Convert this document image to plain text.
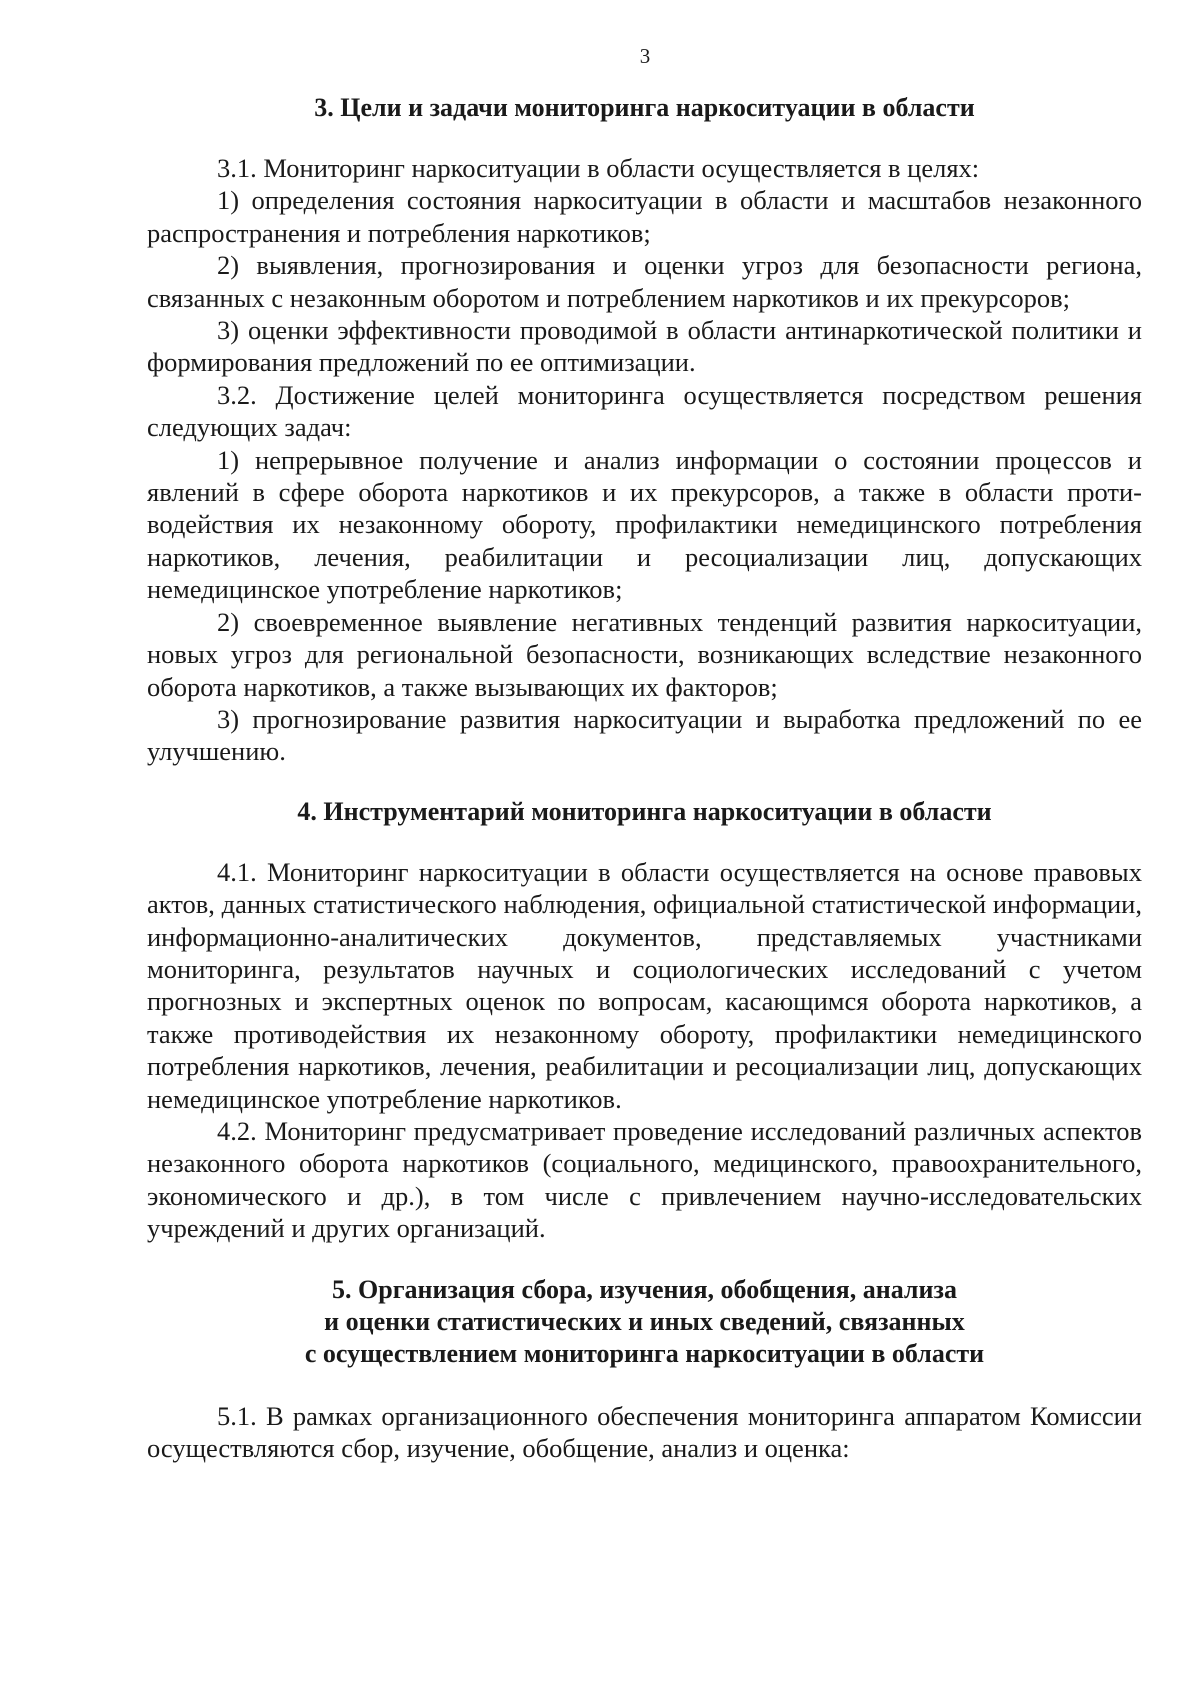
3
3. Цели и задачи мониторинга наркоситуации в области

3.1. Мониторинг наркоситуации в области осуществляется в целях:

1) определения состояния наркоситуации в области и масштабов незаконного распространения и потребления наркотиков;

2) выявления, прогнозирования и оценки угроз для безопасности региона, связанных с незаконным оборотом и потреблением наркотиков и их прекурсоров;

3) оценки эффективности проводимой в области антинаркотической политики и формирования предложений по ее оптимизации.

3.2. Достижение целей мониторинга осуществляется посредством решения следующих задач:

1) непрерывное получение и анализ информации о состоянии процессов и явлений в сфере оборота наркотиков и их прекурсоров, а также в области противодействия их незаконному обороту, профилактики немедицинского потребления наркотиков, лечения, реабилитации и ресоциализации лиц, допускающих немедицинское употребление наркотиков;

2) своевременное выявление негативных тенденций развития наркоситуации, новых угроз для региональной безопасности, возникающих вследствие незаконного оборота наркотиков, а также вызывающих их факторов;

3) прогнозирование развития наркоситуации и выработка предложений по ее улучшению.

4. Инструментарий мониторинга наркоситуации в области

4.1. Мониторинг наркоситуации в области осуществляется на основе правовых актов, данных статистического наблюдения, официальной статистической информации, информационно-аналитических документов, представляемых участниками мониторинга, результатов научных и социологических исследований с учетом прогнозных и экспертных оценок по вопросам, касающимся оборота наркотиков, а также противодействия их незаконному обороту, профилактики немедицинского потребления наркотиков, лечения, реабилитации и ресоциализации лиц, допускающих немедицинское употребление наркотиков.

4.2. Мониторинг предусматривает проведение исследований различных аспектов незаконного оборота наркотиков (социального, медицинского, правоохранительного, экономического и др.), в том числе с привлечением научно-исследовательских учреждений и других организаций.

5. Организация сбора, изучения, обобщения, анализа
и оценки статистических и иных сведений, связанных
с осуществлением мониторинга наркоситуации в области

5.1. В рамках организационного обеспечения мониторинга аппаратом Комиссии осуществляются сбор, изучение, обобщение, анализ и оценка:
